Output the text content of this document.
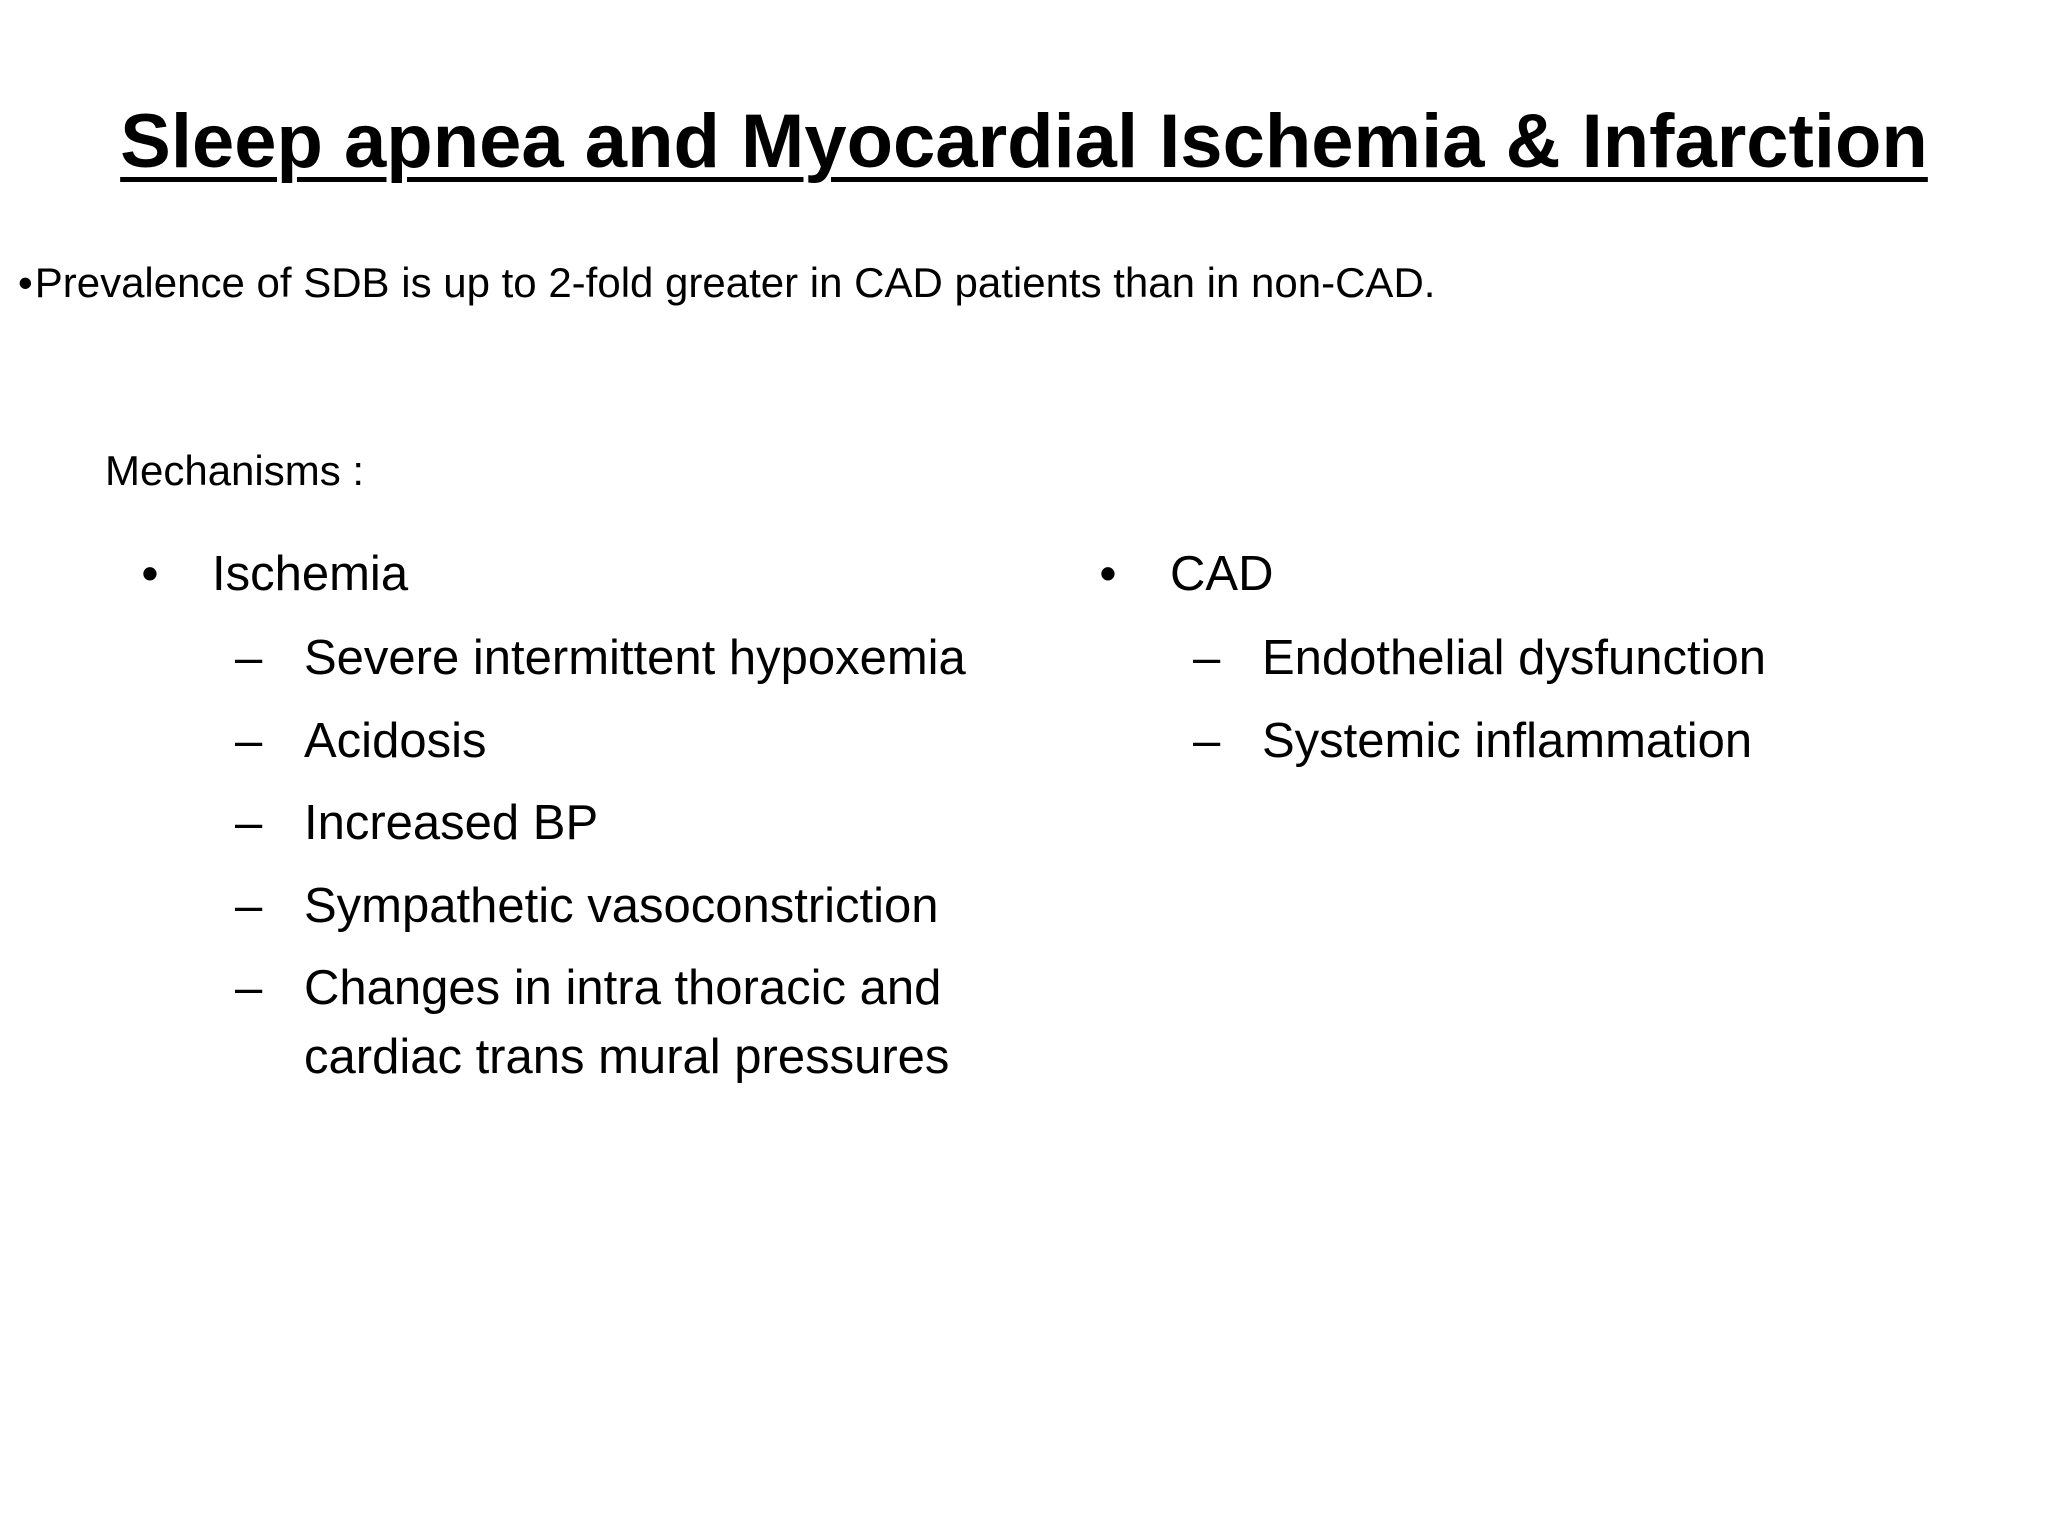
Sleep apnea and Myocardial Ischemia & Infarction
•Prevalence of SDB is up to 2-fold greater in CAD patients than in non-CAD.
Mechanisms :
• Ischemia
– Severe intermittent hypoxemia
– Acidosis
– Increased BP
– Sympathetic vasoconstriction
– Changes in intra thoracic and cardiac trans mural pressures
• CAD
– Endothelial dysfunction
– Systemic inflammation
